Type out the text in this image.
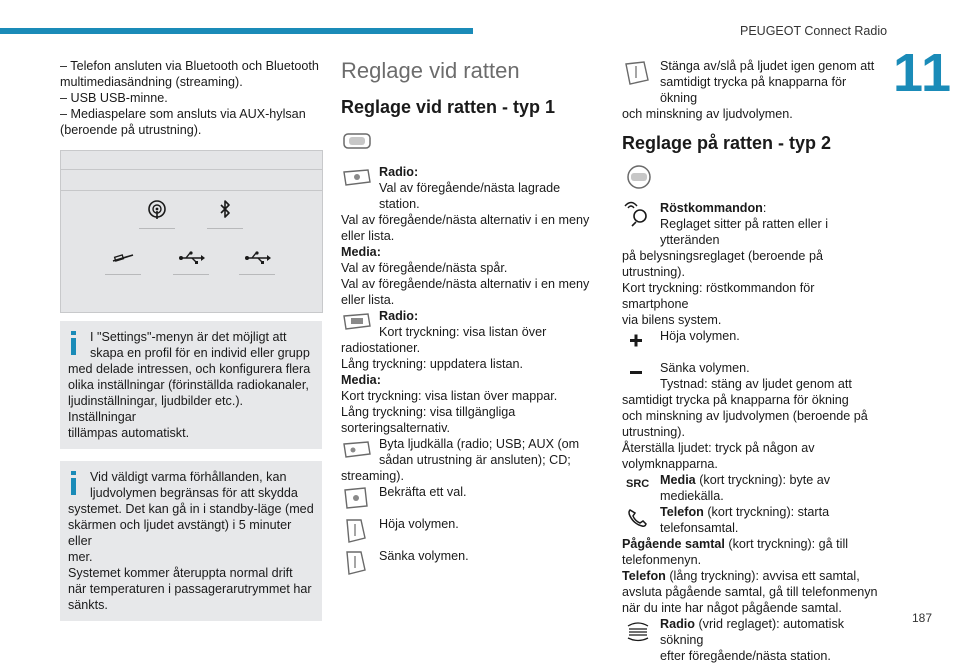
PEUGEOT Connect Radio
11
187
– Telefon ansluten via Bluetooth och Bluetooth
multimediasändning (streaming).
– USB USB-minne.
– Mediaspelare som ansluts via AUX-hylsan
(beroende på utrustning).
I "Settings"-menyn är det möjligt att
skapa en profil för en individ eller grupp
med delade intressen, och konfigurera flera
olika inställningar (förinställda radiokanaler,
ljudinställningar, ljudbilder etc.). Inställningar
tillämpas automatiskt.
Vid väldigt varma förhållanden, kan
ljudvolymen begränsas för att skydda
systemet. Det kan gå in i standby-läge (med
skärmen och ljudet avstängt) i 5 minuter eller
mer.
Systemet kommer återuppta normal drift
när temperaturen i passagerarutrymmet har
sänkts.
Reglage vid ratten
Reglage vid ratten - typ 1
Radio:
Val av föregående/nästa lagrade station.

Val av föregående/nästa alternativ i en meny
eller lista.
Media:
Val av föregående/nästa spår.
Val av föregående/nästa alternativ i en meny
eller lista.

Radio:
Kort tryckning: visa listan över

radiostationer.
Lång tryckning: uppdatera listan.
Media:
Kort tryckning: visa listan över mappar.
Lång tryckning: visa tillgängliga
sorteringsalternativ.

Byta ljudkälla (radio; USB; AUX (om
sådan utrustning är ansluten); CD;

streaming).

Bekräfta ett val.
Höja volymen.
Sänka volymen.
Stänga av/slå på ljudet igen genom att
samtidigt trycka på knapparna för ökning

och minskning av ljudvolymen.

Reglage på ratten - typ 2
Röstkommandon:
Reglaget sitter på ratten eller i ytteränden

på belysningsreglaget (beroende på utrustning).
Kort tryckning: röstkommandon för smartphone
via bilens system.

Höja volymen.
Sänka volymen.
Tystnad: stäng av ljudet genom att

samtidigt trycka på knapparna för ökning
och minskning av ljudvolymen (beroende på
utrustning).
Återställa ljudet: tryck på någon av
volymknapparna.

SRC Media (kort tryckning): byte av
mediekälla.
Telefon (kort tryckning): starta
telefonsamtal.

Pågående samtal (kort tryckning): gå till
telefonmenyn.
Telefon (lång tryckning): avvisa ett samtal,
avsluta pågående samtal, gå till telefonmenyn
när du inte har något pågående samtal.

Radio (vrid reglaget): automatisk sökning
efter föregående/nästa station.
